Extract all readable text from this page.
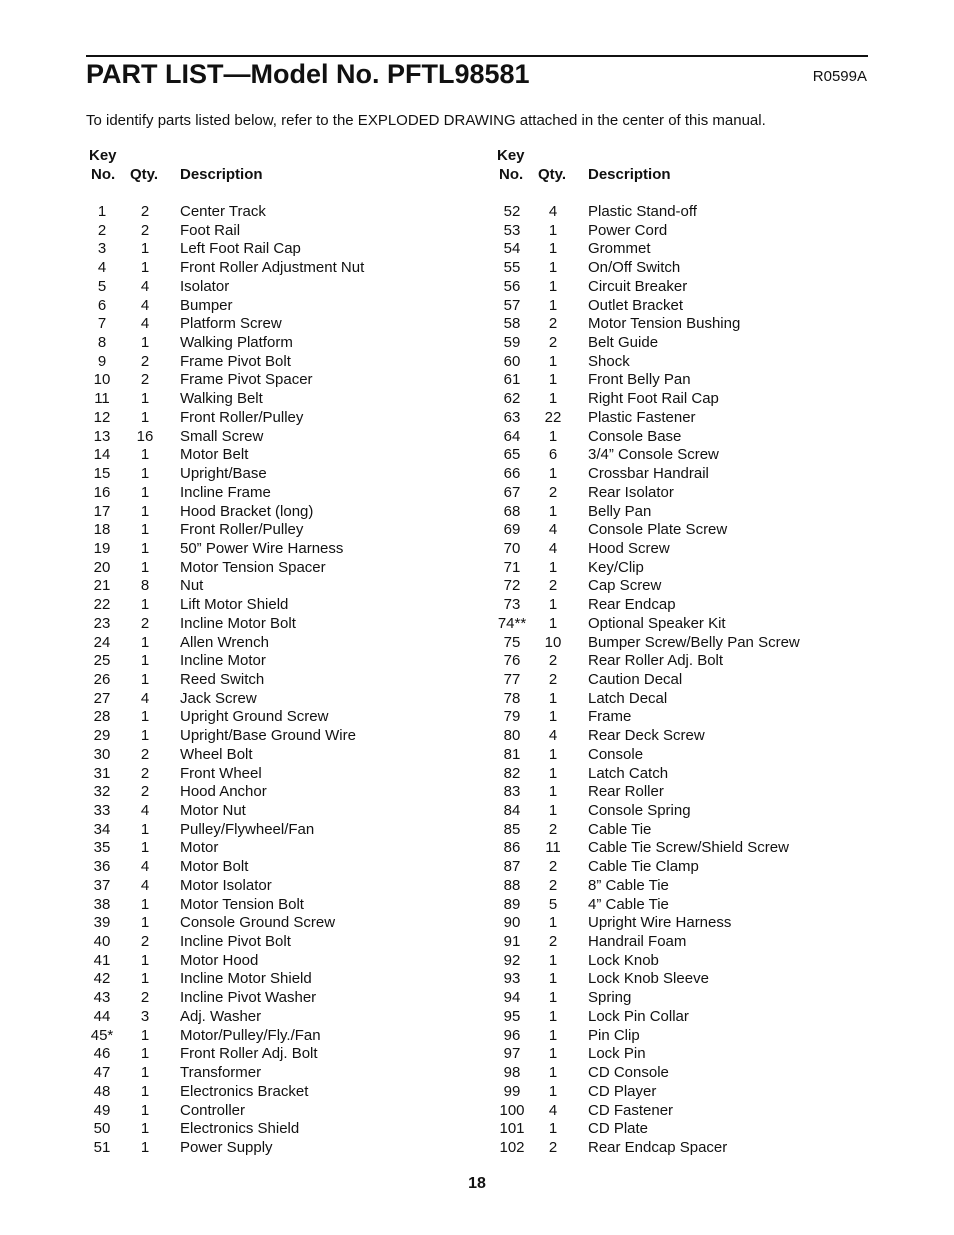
PART LIST—Model No. PFTL98581	R0599A
To identify parts listed below, refer to the EXPLODED DRAWING attached in the center of this manual.
Key
No. Qty. Description
1	2	Center Track
2	2	Foot Rail
3	1	Left Foot Rail Cap
4	1	Front Roller Adjustment Nut
5	4	Isolator
6	4	Bumper
7	4	Platform Screw
8	1	Walking Platform
9	2	Frame Pivot Bolt
10	2	Frame Pivot Spacer
11	1	Walking Belt
12	1	Front Roller/Pulley
13	16	Small Screw
14	1	Motor Belt
15	1	Upright/Base
16	1	Incline Frame
17	1	Hood Bracket (long)
18	1	Front Roller/Pulley
19	1	50” Power Wire Harness
20	1	Motor Tension Spacer
21	8	Nut
22	1	Lift Motor Shield
23	2	Incline Motor Bolt
24	1	Allen Wrench
25	1	Incline Motor
26	1	Reed Switch
27	4	Jack Screw
28	1	Upright Ground Screw
29	1	Upright/Base Ground Wire
30	2	Wheel Bolt
31	2	Front Wheel
32	2	Hood Anchor
33	4	Motor Nut
34	1	Pulley/Flywheel/Fan
35	1	Motor
36	4	Motor Bolt
37	4	Motor Isolator
38	1	Motor Tension Bolt
39	1	Console Ground Screw
40	2	Incline Pivot Bolt
41	1	Motor Hood
42	1	Incline Motor Shield
43	2	Incline Pivot Washer
44	3	Adj. Washer
45*	1	Motor/Pulley/Fly./Fan
46	1	Front Roller Adj. Bolt
47	1	Transformer
48	1	Electronics Bracket
49	1	Controller
50	1	Electronics Shield
51	1	Power Supply
Key
No. Qty. Description
52	4	Plastic Stand-off
53	1	Power Cord
54	1	Grommet
55	1	On/Off Switch
56	1	Circuit Breaker
57	1	Outlet Bracket
58	2	Motor Tension Bushing
59	2	Belt Guide
60	1	Shock
61	1	Front Belly Pan
62	1	Right Foot Rail Cap
63	22	Plastic Fastener
64	1	Console Base
65	6	3/4” Console Screw
66	1	Crossbar Handrail
67	2	Rear Isolator
68	1	Belly Pan
69	4	Console Plate Screw
70	4	Hood Screw
71	1	Key/Clip
72	2	Cap Screw
73	1	Rear Endcap
74**	1	Optional Speaker Kit
75	10	Bumper Screw/Belly Pan Screw
76	2	Rear Roller Adj. Bolt
77	2	Caution Decal
78	1	Latch Decal
79	1	Frame
80	4	Rear Deck Screw
81	1	Console
82	1	Latch Catch
83	1	Rear Roller
84	1	Console Spring
85	2	Cable Tie
86	11	Cable Tie Screw/Shield Screw
87	2	Cable Tie Clamp
88	2	8” Cable Tie
89	5	4” Cable Tie
90	1	Upright Wire Harness
91	2	Handrail Foam
92	1	Lock Knob
93	1	Lock Knob Sleeve
94	1	Spring
95	1	Lock Pin Collar
96	1	Pin Clip
97	1	Lock Pin
98	1	CD Console
99	1	CD Player
100	4	CD Fastener
101	1	CD Plate
102	2	Rear Endcap Spacer
18
